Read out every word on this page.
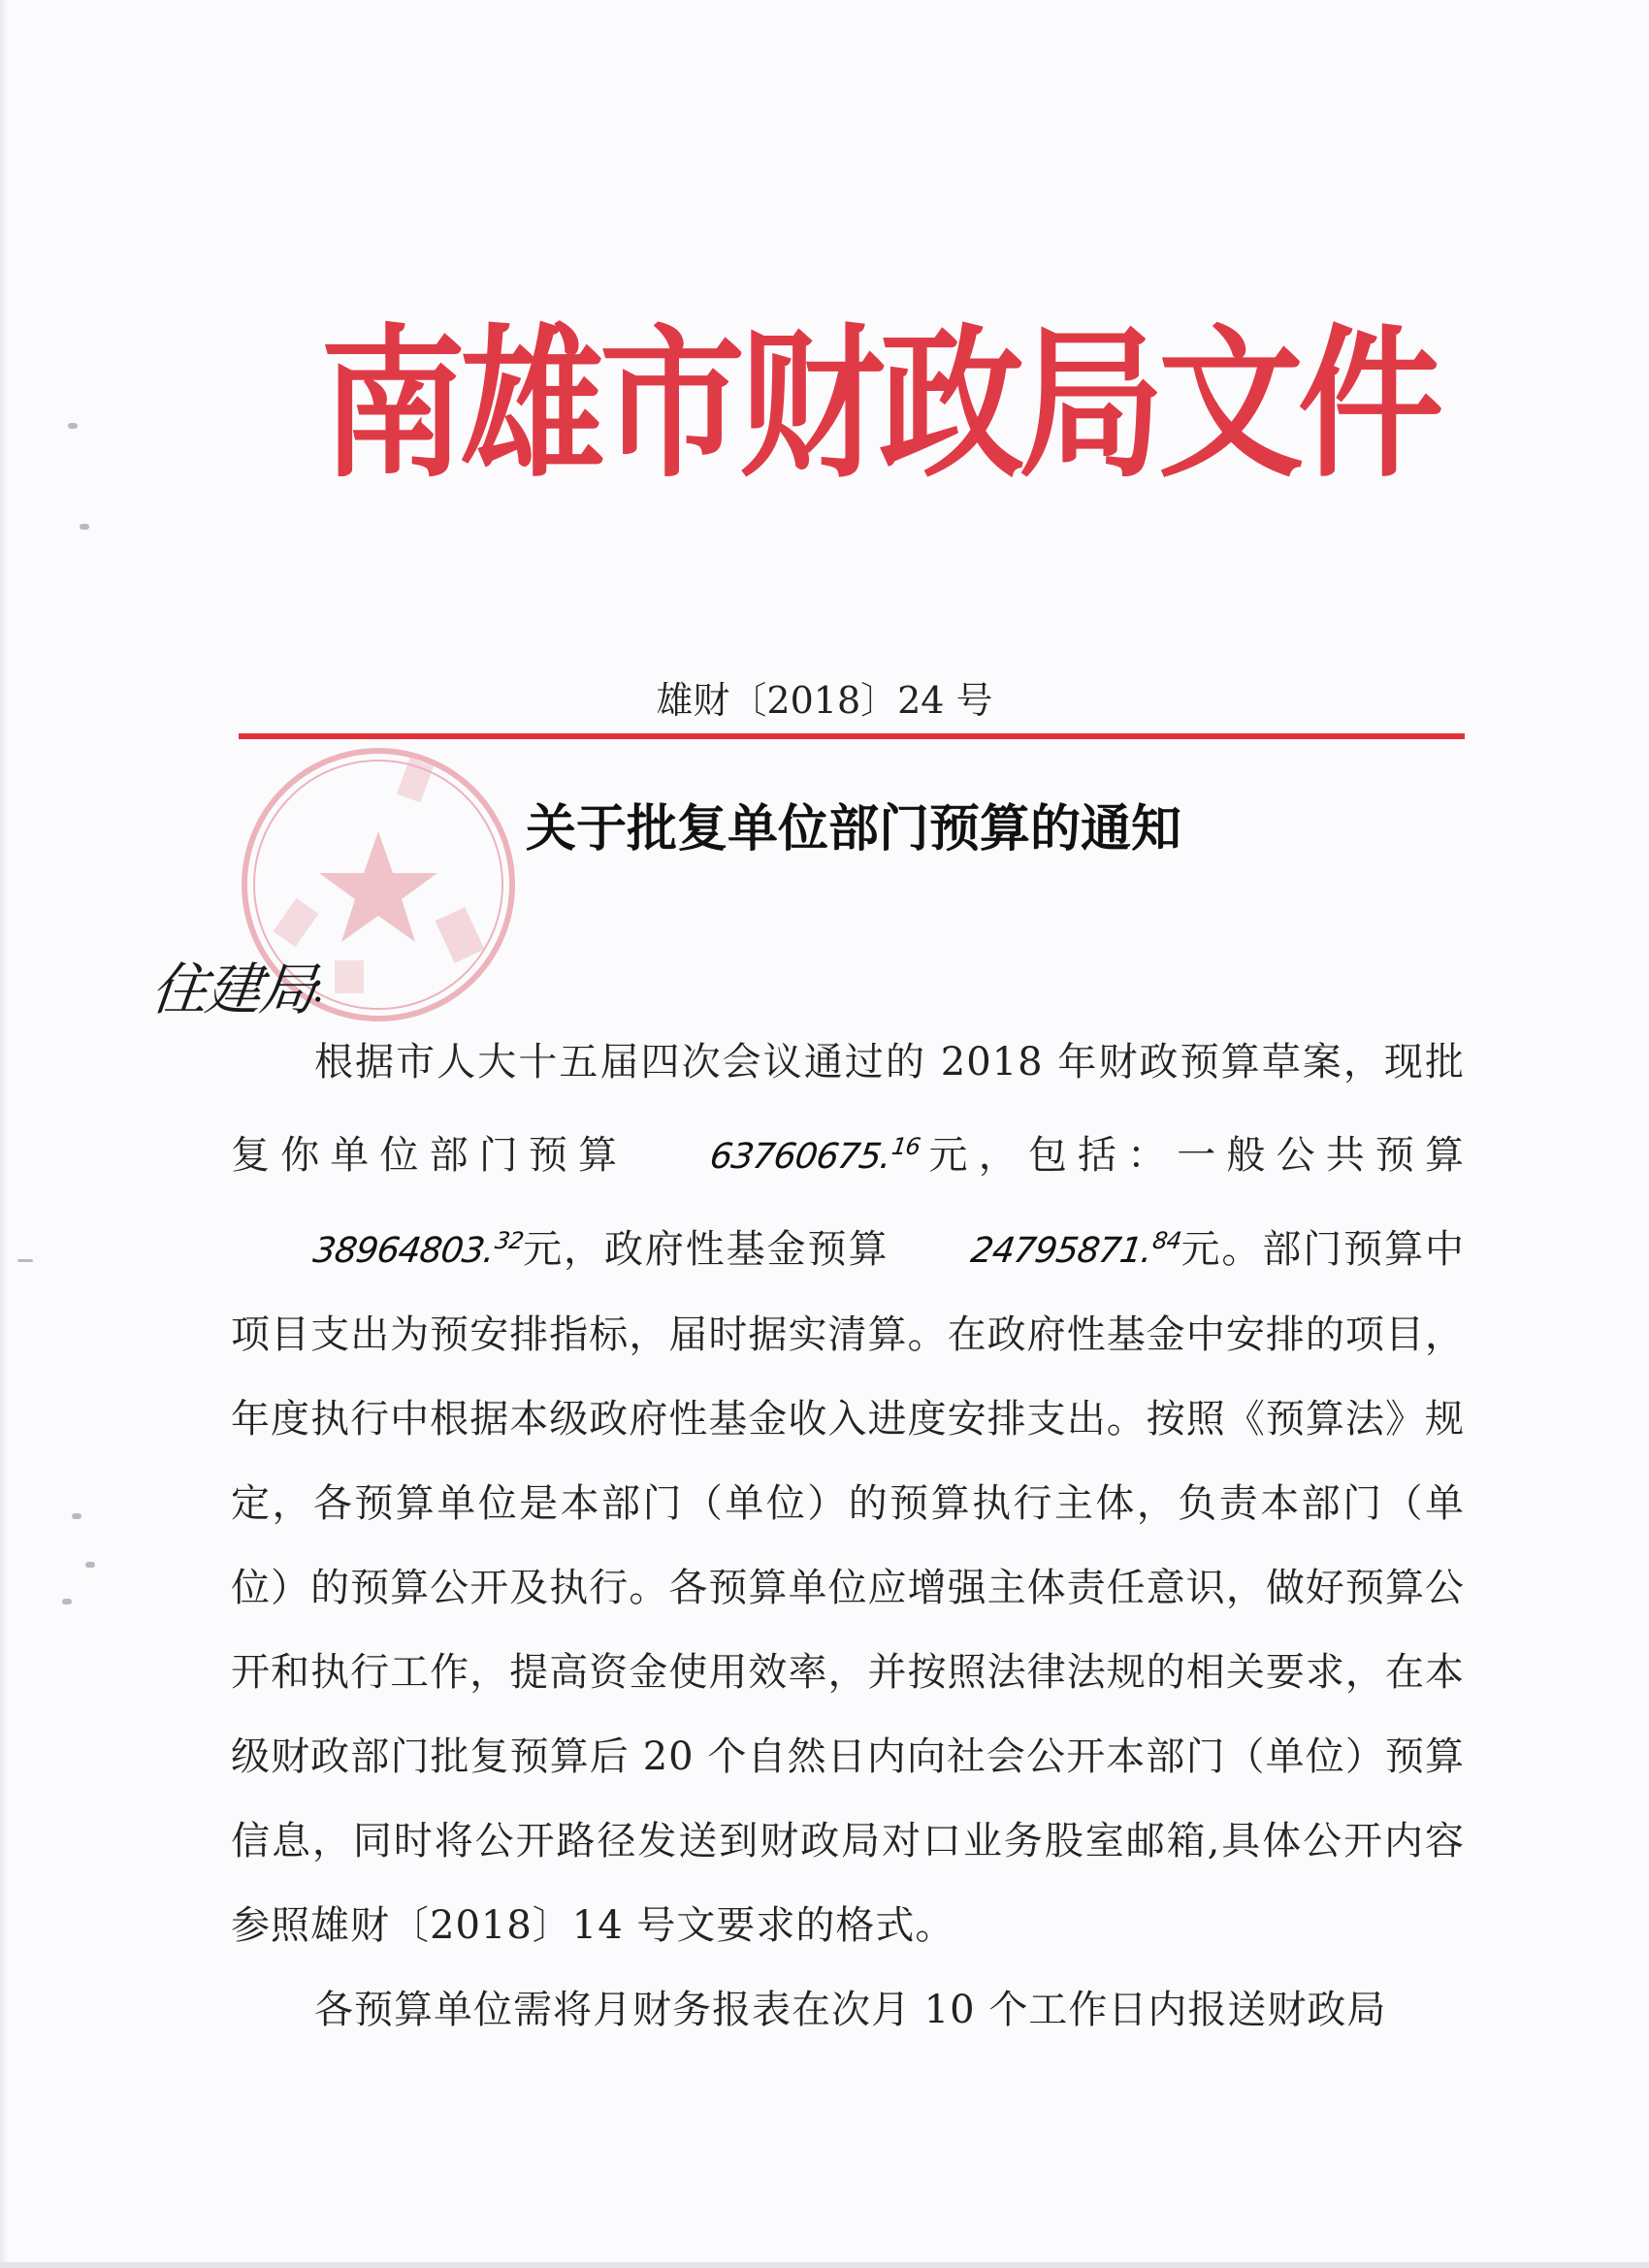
南雄市财政局文件
雄财〔2018〕24 号
关于批复单位部门预算的通知
住建局
：

根据市人大十五届四次会议通过的 2018 年财政预算草案，现批复你单位部门预算 63760675.16元，包括：一般公共预算38964803.32元，政府性基金预算 24795871.84元。部门预算中项目支出为预安排指标，届时据实清算。在政府性基金中安排的项目，年度执行中根据本级政府性基金收入进度安排支出。按照《预算法》规定，各预算单位是本部门（单位）的预算执行主体，负责本部门（单位）的预算公开及执行。各预算单位应增强主体责任意识，做好预算公开和执行工作，提高资金使用效率，并按照法律法规的相关要求，在本级财政部门批复预算后 20 个自然日内向社会公开本部门（单位）预算信息，同时将公开路径发送到财政局对口业务股室邮箱,具体公开内容参照雄财〔2018〕14 号文要求的格式。

各预算单位需将月财务报表在次月 10 个工作日内报送财政局
